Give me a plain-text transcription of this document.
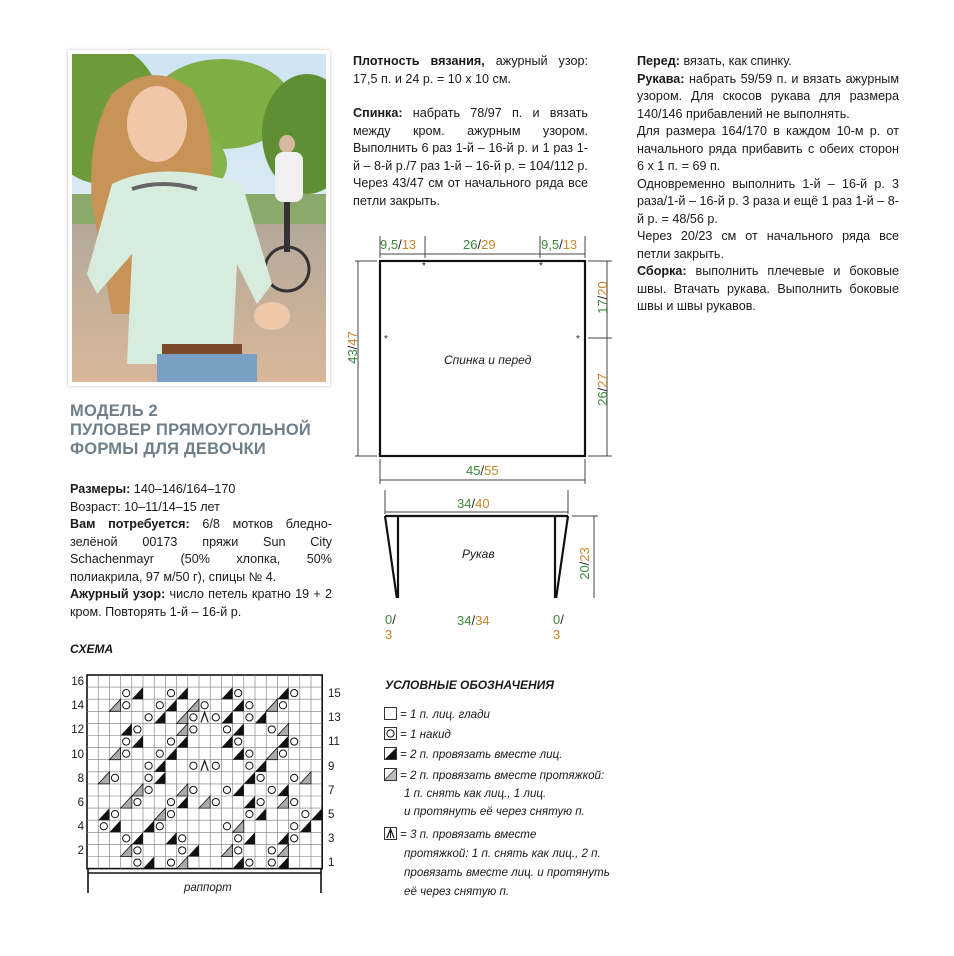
МОДЕЛЬ 2
ПУЛОВЕР ПРЯМОУГОЛЬНОЙ
ФОРМЫ ДЛЯ ДЕВОЧКИ
Размеры: 140–146/164–170
Возраст: 10–11/14–15 лет
Вам потребуется: 6/8 мотков бледно-зелёной 00173 пряжи Sun City Schachenmayr (50% хлопка, 50% полиакрила, 97 м/50 г), спицы № 4.
Ажурный узор: число петель кратно 19 + 2 кром. Повторять 1-й – 16-й р.
Плотность вязания, ажурный узор: 17,5 п. и 24 р. = 10 х 10 см.
Спинка: набрать 78/97 п. и вязать между кром. ажурным узором. Выполнить 6 раз 1-й – 16-й р. и 1 раз 1-й – 8-й р./7 раз 1-й – 16-й р. = 104/112 р.
Через 43/47 см от начального ряда все петли закрыть.
Перед: вязать, как спинку.
Рукава: набрать 59/59 п. и вязать ажурным узором. Для скосов рукава для размера 140/146 прибавлений не выполнять.
Для размера 164/170 в каждом 10-м р. от начального ряда прибавить с обеих сторон 6 х 1 п. = 69 п.
Одновременно выполнить 1-й – 16-й р. 3 раза/1-й – 16-й р. 3 раза и ещё 1 раз 1-й – 8-й р. = 48/56 р.
Через 20/23 см от начального ряда все петли закрыть.
Сборка: выполнить плечевые и боковые швы. Втачать рукава. Выполнить боковые швы и швы рукавов.
9,5/13	26/29	9,5/13
43/47
17/20
26/27
45/55
Спинка и перед
*	*
*	*
34/40
20/23
34/34
0/
3
0/
3
Рукав
СХЕМА
раппорт
16
14
12
10
8
6
4
2
15
13
11
9
7
5
3
1
УСЛОВНЫЕ ОБОЗНАЧЕНИЯ
= 1 п. лиц. глади
= 1 накид
= 2 п. провязать вместе лиц.
= 2 п. провязать вместе протяжкой:
1 п. снять как лиц., 1 лиц.
и протянуть её через снятую п.
= 3 п. провязать вместе
протяжкой: 1 п. снять как лиц., 2 п.
провязать вместе лиц. и протянуть
её через снятую п.
